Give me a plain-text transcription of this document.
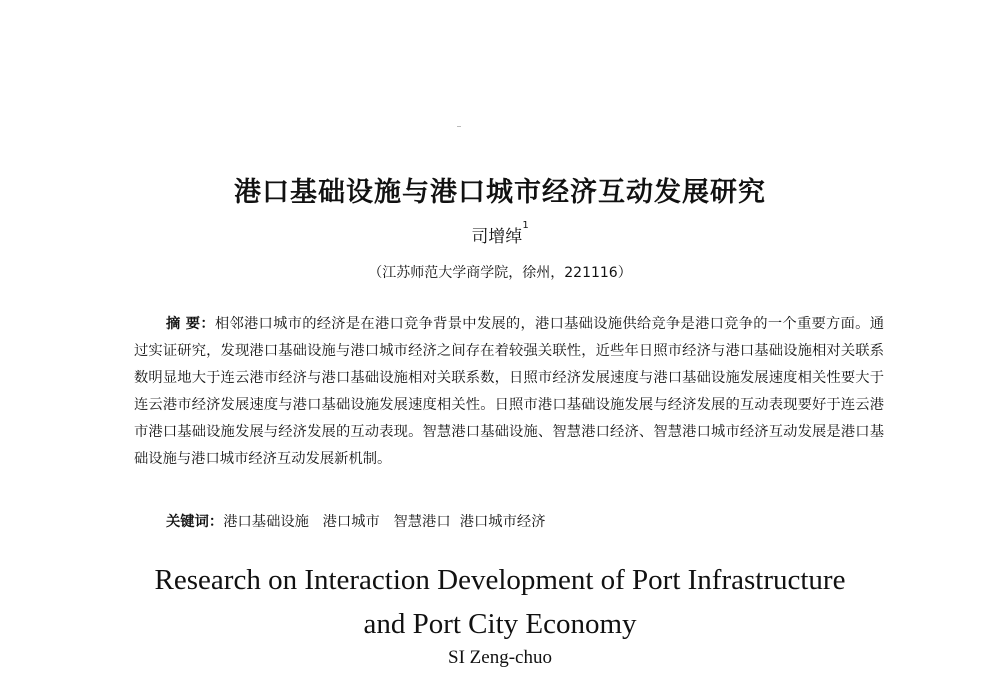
港口基础设施与港口城市经济互动发展研究
司增绰$^1$
（江苏师范大学商学院，徐州，221116）
摘 要：相邻港口城市的经济是在港口竞争背景中发展的，港口基础设施供给竞争是港口竞争的一个重要方面。通过实证研究，发现港口基础设施与港口城市经济之间存在着较强关联性，近些年日照市经济与港口基础设施相对关联系数明显地大于连云港市经济与港口基础设施相对关联系数，日照市经济发展速度与港口基础设施发展速度相关性要大于连云港市经济发展速度与港口基础设施发展速度相关性。日照市港口基础设施发展与经济发展的互动表现要好于连云港市港口基础设施发展与经济发展的互动表现。智慧港口基础设施、智慧港口经济、智慧港口城市经济互动发展是港口基础设施与港口城市经济互动发展新机制。
关键词：港口基础设施 港口城市 智慧港口 港口城市经济
Research on Interaction Development of Port Infrastructure
and Port City Economy
SI Zeng-chuo
